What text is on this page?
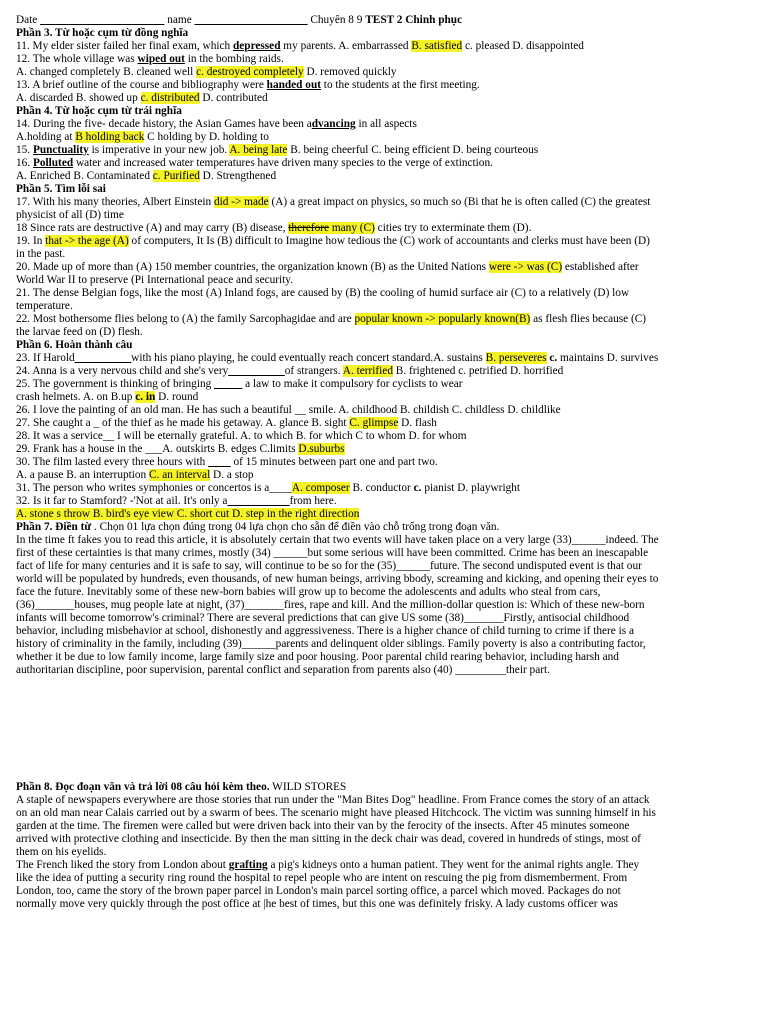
Date ______________________ name ____________________ Chuyên 8 9 TEST 2 Chinh phục
Phần 3. Từ hoặc cụm từ đồng nghĩa
11. My elder sister failed her final exam, which depressed my parents. A. embarrassed B. satisfied c. pleased D. disappointed
12. The whole village was wiped out in the bombing raids.
A. changed completely B. cleaned well c. destroyed completely D. removed quickly
13. A brief outline of the course and bibliography were handed out to the students at the first meeting.
A. discarded B. showed up c. distributed D. contributed
Phần 4. Từ hoặc cụm từ trái nghĩa
14. During the five- decade history, the Asian Games have been advancing in all aspects
A.holding at B holding back C holding by D. holding to
15. Punctuality is imperative in your new job. A. being late B. being cheerful C. being efficient D. being courteous
16. Polluted water and increased water temperatures have driven many species to the verge of extinction.
A. Enriched B. Contaminated c. Purified D. Strengthened
Phần 5. Tìm lỗi sai
17. With his many theories, Albert Einstein did -> made (A) a great impact on physics, so much so (Bi that he is often called (C) the greatest
physicist of all (D) time
18 Since rats are destructive (A) and may carry (B) disease, therefore many (C) cities try to exterminate them (D).
19. In that -> the age (A) of computers, It Is (B) difficult to Imagine how tedious the (C) work of accountants and clerks must have been (D)
in the past.
20. Made up of more than (A) 150 member countries, the organization known (B) as the United Nations were -> was (C) established after
World War II to preserve (Pi International peace and security.
21. The dense Belgian fogs, like the most (A) Inland fogs, are caused by (B) the cooling of humid surface air (C) to a relatively (D) low
temperature.
22. Most bothersome flies belong to (A) the family Sarcophagidae and are popular known -> popularly known(B) as flesh flies because (C)
the larvae feed on (D) flesh.
Phần 6. Hoàn thành câu
23. If Harold__________with his piano playing, he could eventually reach concert standard.A. sustains B. perseveres c. maintains D. survives
24. Anna is a very nervous child and she's very__________of strangers. A. terrified B. frightened c. petrified D. horrified
25. The government is thinking of bringing _____ a law to make it compulsory for cyclists to wear
crash helmets. A. on B.up c. in D. round
26. I love the painting of an old man. He has such a beautiful __ smile. A. childhood B. childish C. childless D. childlike
27. She caught a _ of the thief as he made his getaway. A. glance B. sight C. glimpse D. flash
28. It was a service__ I will be eternally grateful. A. to which B. for which C to whom D. for whom
29. Frank has a house in the ___A. outskirts B. edges C.limits D.suburbs
30. The film lasted every three hours with ____ of 15 minutes between part one and part two.
A. a pause B. an interruption C. an interval D. a stop
31. The person who writes symphonies or concertos is a____A. composer B. conductor c. pianist D. playwright
32. Is it far to Stamford? -'Not at ail. It's only a___________from here.
A. stone s throw B. bird's eye view C. short cut D. step in the right direction
Phần 7. Điền từ . Chọn 01 lựa chọn đúng trong 04 lựa chọn cho sẵn để điền vào chỗ trống trong đoạn văn.
In the time ft fakes you to read this article, it is absolutely certain that two events will have taken place on a very large (33)______indeed. The
first of these certainties is that many crimes, mostly (34) ______but some serious will have been committed. Crime has been an inescapable
fact of life for many centuries and it is safe to say, will continue to be so for the (35)______future. The second undisputed event is that our
world will be populated by hundreds, even thousands, of new human beings, arriving bbody, screaming and kicking, and opening their eyes to
face the future. Inevitably some of these new-born babies will grow up to become the adolescents and adults who steal from cars,
(36)_______houses, mug people late at night, (37)_______fires, rape and kill. And the million-dollar question is: Which of these new-born
infants will become tomorrow's criminal? There are several predictions that can give US some (38)_______Firstly, antisocial childhood
behavior, including misbehavior at school, dishonestly and aggressiveness. There is a higher chance of child turning to crime if there is a
history of criminality in the family, including (39)______parents and delinquent older siblings. Family poverty is also a contributing factor,
whether it be due to low family income, large family size and poor housing. Poor parental child rearing behavior, including harsh and
authoritarian discipline, poor supervision, parental conflict and separation from parents also (40) _________their part.
Phần 8. Đọc đoạn văn và trả lời 08 câu hỏi kèm theo. WILD STORES
A staple of newspapers everywhere are those stories that run under the "Man Bites Dog" headline. From France comes the story of an attack
on an old man near Calais carried out by a swarm of bees. The scenario might have pleased Hitchcock. The victim was sunning himself in his
garden at the time. The firemen were called but were driven back into their van by the ferocity of the insects. After 45 minutes someone
arrived with protective clothing and insecticide. By then the man sitting in the deck chair was dead, covered in hundreds of stings, most of
them on his eyelids.
The French liked the story from London about grafting a pig's kidneys onto a human patient. They went for the animal rights angle. They
like the idea of putting a security ring round the hospital to repel people who are intent on rescuing the pig from dismemberment. From
London, too, came the story of the brown paper parcel in London's main parcel sorting office, a parcel which moved. Packages do not
normally move very quickly through the post office at |he best of times, but this one was definitely frisky. A lady customs officer was
